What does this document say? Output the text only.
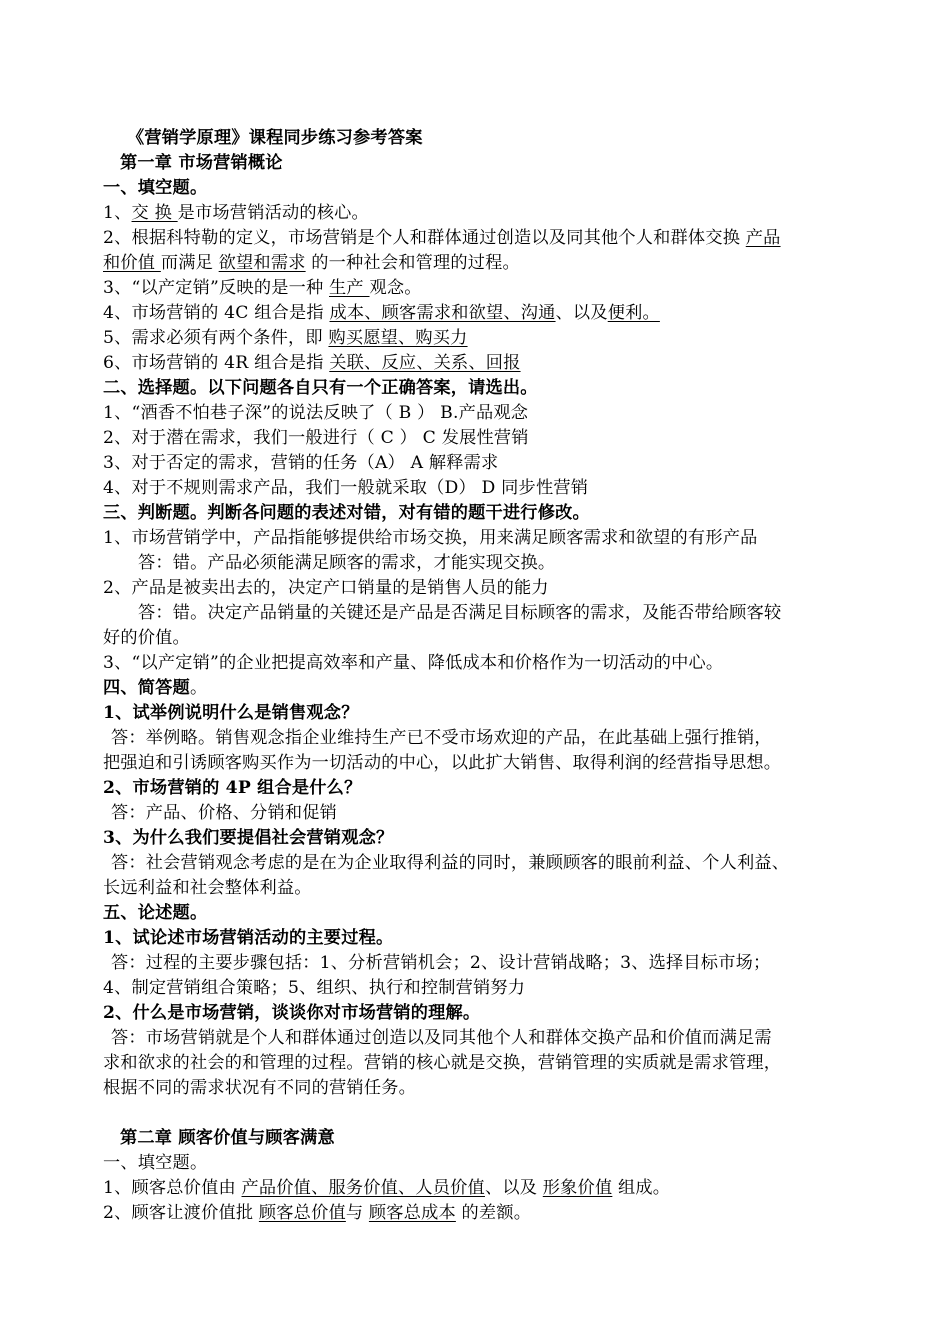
《营销学原理》课程同步练习参考答案
第一章 市场营销概论
一、填空题。
1、交 换 是市场营销活动的核心。
2、根据科特勒的定义，市场营销是个人和群体通过创造以及同其他个人和群体交换 产品
和价值 而满足 欲望和需求 的一种社会和管理的过程。
3、“以产定销”反映的是一种 生产 观念。
4、市场营销的 4C 组合是指 成本、顾客需求和欲望、沟通、以及便利。
5、需求必须有两个条件，即 购买愿望、购买力
6、市场营销的 4R 组合是指 关联、反应、关系、回报
二、选择题。以下问题各自只有一个正确答案，请选出。
1、“酒香不怕巷子深”的说法反映了（ B ） B.产品观念
2、对于潜在需求，我们一般进行（ C ） C 发展性营销
3、对于否定的需求，营销的任务（A） A 解释需求
4、对于不规则需求产品，我们一般就采取（D） D 同步性营销
三、判断题。判断各问题的表述对错，对有错的题干进行修改。
1、市场营销学中，产品指能够提供给市场交换，用来满足顾客需求和欲望的有形产品
答：错。产品必须能满足顾客的需求，才能实现交换。
2、产品是被卖出去的，决定产口销量的是销售人员的能力
答：错。决定产品销量的关键还是产品是否满足目标顾客的需求，及能否带给顾客较
好的价值。
3、“以产定销”的企业把提高效率和产量、降低成本和价格作为一切活动的中心。
四、简答题。
1、试举例说明什么是销售观念？
答：举例略。销售观念指企业维持生产已不受市场欢迎的产品，在此基础上强行推销，
把强迫和引诱顾客购买作为一切活动的中心，以此扩大销售、取得利润的经营指导思想。
2、市场营销的 4P 组合是什么？
答：产品、价格、分销和促销
3、为什么我们要提倡社会营销观念？
答：社会营销观念考虑的是在为企业取得利益的同时，兼顾顾客的眼前利益、个人利益、
长远利益和社会整体利益。
五、论述题。
1、试论述市场营销活动的主要过程。
答：过程的主要步骤包括：1、分析营销机会；2、设计营销战略；3、选择目标市场；
4、制定营销组合策略；5、组织、执行和控制营销努力
2、什么是市场营销，谈谈你对市场营销的理解。
答：市场营销就是个人和群体通过创造以及同其他个人和群体交换产品和价值而满足需
求和欲求的社会的和管理的过程。营销的核心就是交换，营销管理的实质就是需求管理，
根据不同的需求状况有不同的营销任务。
第二章 顾客价值与顾客满意
一、填空题。
1、顾客总价值由 产品价值、服务价值、人员价值、以及 形象价值 组成。
2、顾客让渡价值批 顾客总价值与 顾客总成本 的差额。
